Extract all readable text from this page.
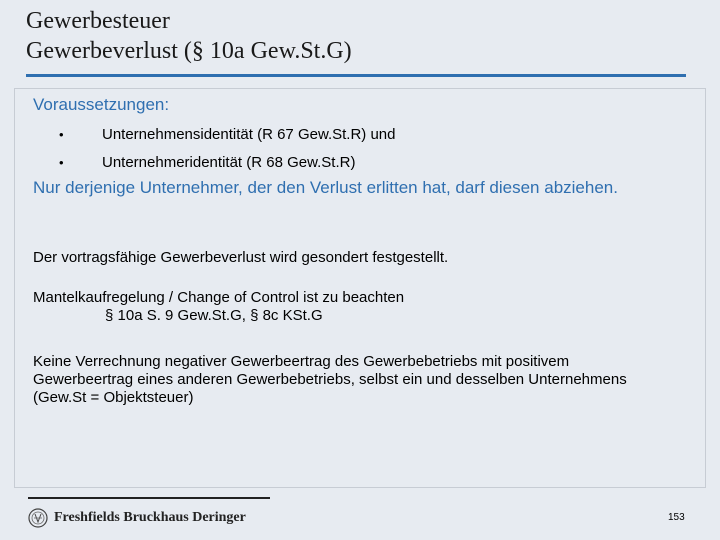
Gewerbesteuer
Gewerbeverlust (§ 10a Gew.St.G)
Voraussetzungen:
•	Unternehmensidentität (R 67 Gew.St.R) und
•	Unternehmeridentität (R 68 Gew.St.R)
Nur derjenige Unternehmer, der den Verlust erlitten hat, darf diesen abziehen.
Der vortragsfähige Gewerbeverlust wird gesondert festgestellt.
Mantelkaufregelung / Change of Control ist zu beachten
§ 10a S. 9 Gew.St.G, § 8c KSt.G
Keine Verrechnung negativer Gewerbeertrag des Gewerbebetriebs mit positivem Gewerbeertrag eines anderen Gewerbebetriebs, selbst ein und desselben Unternehmens (Gew.St = Objektsteuer)
Freshfields Bruckhaus Deringer	153
